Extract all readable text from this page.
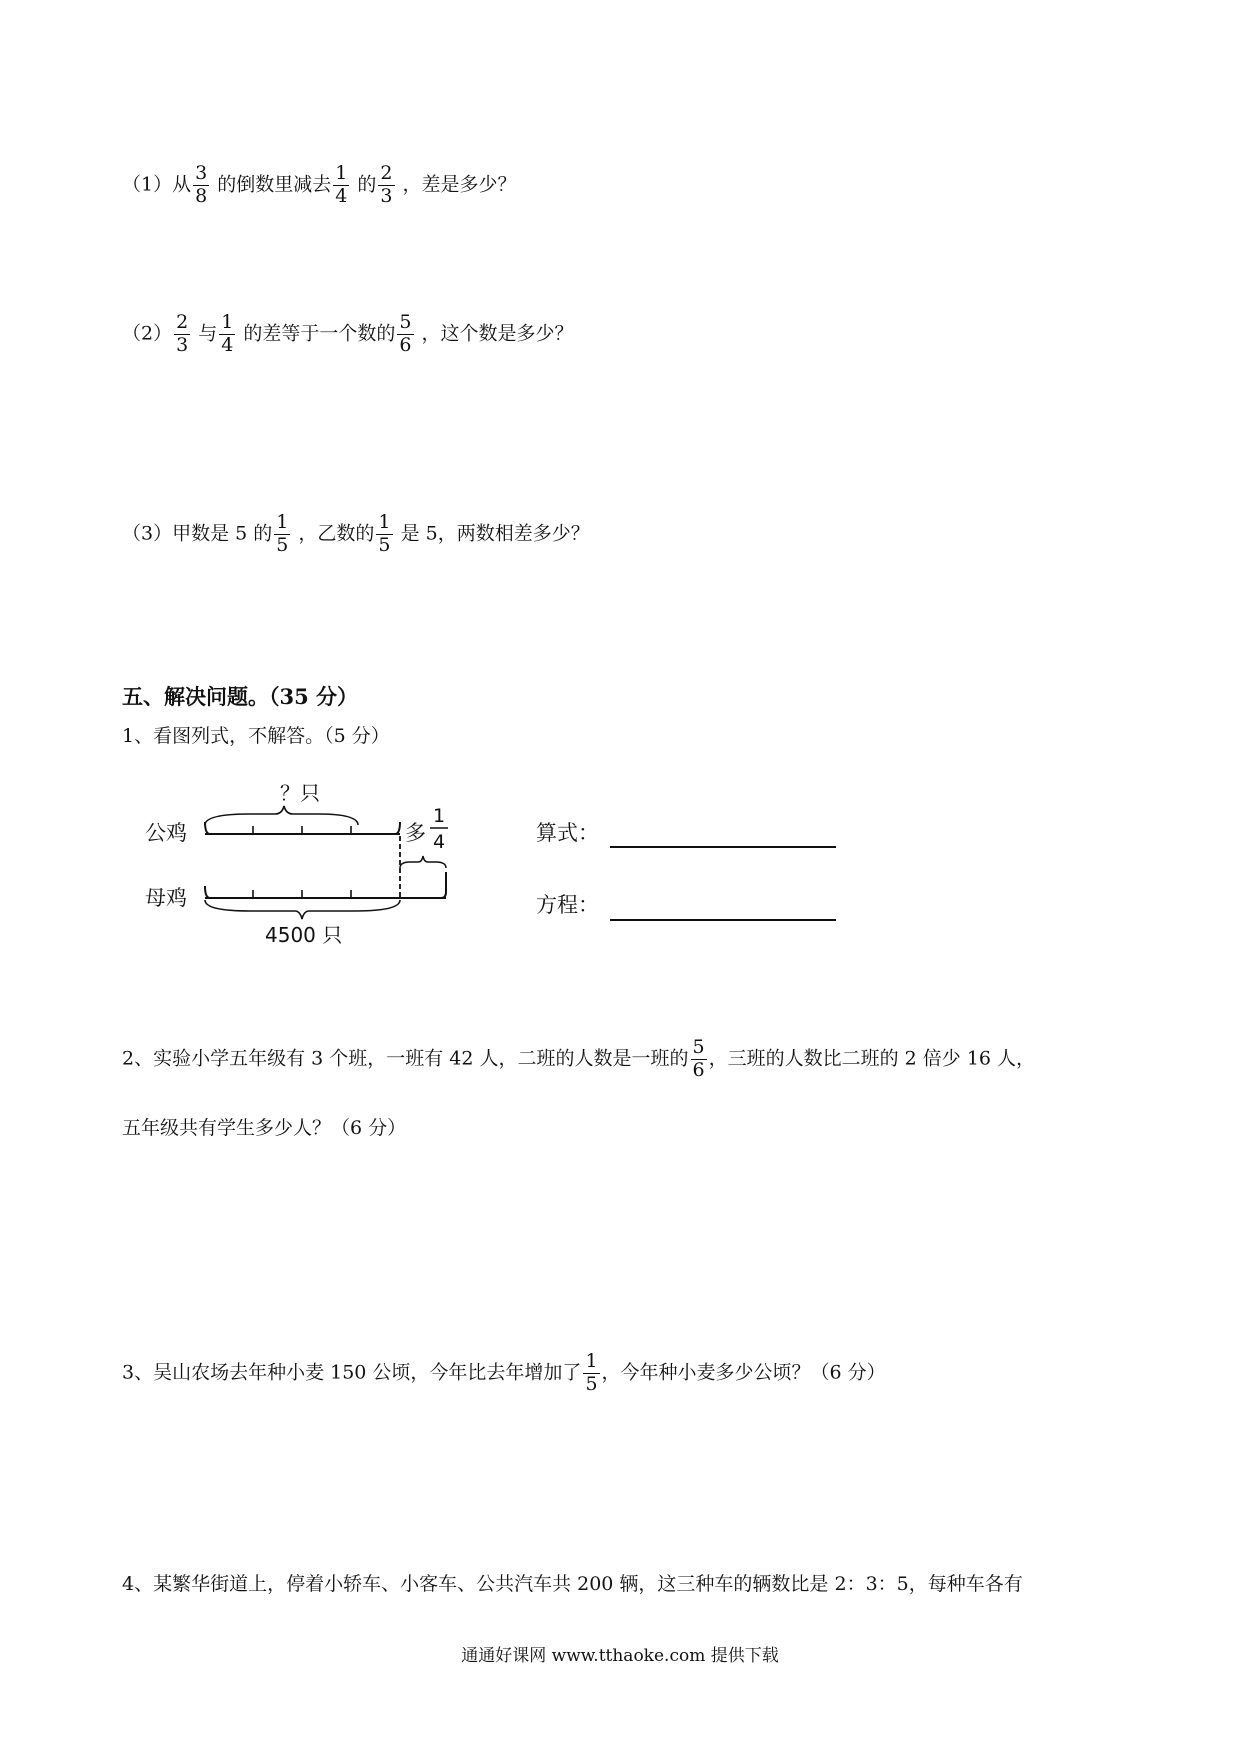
（1）从 $\frac{3}{8}$ 的倒数里减去 $\frac{1}{4}$ 的 $\frac{2}{3}$ ，差是多少？
$(2) \frac{2}{3}$ 与 $\frac{1}{4}$ 的差等于一个数的 $\frac{5}{6}$ ，这个数是多少？
（3）甲数是 5 的 $\frac{1}{5}$ ，乙数的 $\frac{1}{5}$ 是 5，两数相差多少？
五、解决问题。（35 分）
1、看图列式，不解答。（5 分）
？只
公鸡	多
1
4
母鸡
4500 只
算式：
方程：
2、实验小学五年级有 3 个班，一班有 42 人，二班的人数是一班的 $\frac{5}{6}$ ，三班的人数比二班的 2 倍少 16 人，
五年级共有学生多少人？（6 分）
3、吴山农场去年种小麦 150 公顷，今年比去年增加了 $\frac{1}{5}$ ，今年种小麦多少公顷？（6 分）
4、某繁华街道上，停着小轿车、小客车、公共汽车共 200 辆，这三种车的辆数比是 2：3：5，每种车各有
通通好课网 www.tthaoke.com 提供下载
